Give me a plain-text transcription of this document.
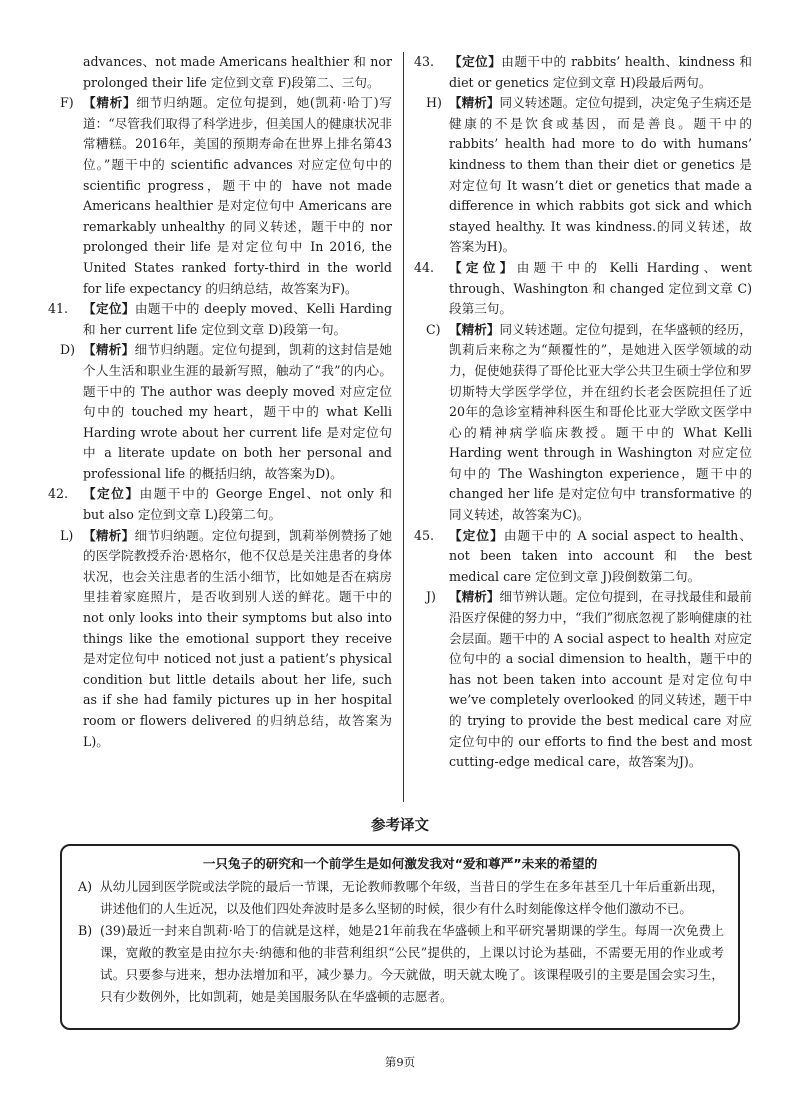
advances、not made Americans healthier 和 nor prolonged their life 定位到文章 F)段第二、三句。
F) 【精析】细节归纳题。定位句提到，她(凯莉·哈丁)写道：“尽管我们取得了科学进步，但美国人的健康状况非常糟糕。2016年，美国的预期寿命在世界上排名第43位。”题干中的 scientific advances 对应定位句中的 scientific progress，题干中的 have not made Americans healthier 是对定位句中 Americans are remarkably unhealthy 的同义转述，题干中的 nor prolonged their life 是对定位句中 In 2016, the United States ranked forty-third in the world for life expectancy 的归纳总结，故答案为F)。
41. 【定位】由题干中的 deeply moved、Kelli Harding 和 her current life 定位到文章 D)段第一句。
D) 【精析】细节归纳题。定位句提到，凯莉的这封信是她个人生活和职业生涯的最新写照，触动了“我”的内心。题干中的 The author was deeply moved 对应定位句中的 touched my heart，题干中的 what Kelli Harding wrote about her current life 是对定位句中 a literate update on both her personal and professional life 的概括归纳，故答案为D)。
42. 【定位】由题干中的 George Engel、not only 和 but also 定位到文章 L)段第二句。
L) 【精析】细节归纳题。定位句提到，凯莉举例赞扬了她的医学院教授乔治·恩格尔，他不仅总是关注患者的身体状况，也会关注患者的生活小细节，比如她是否在病房里挂着家庭照片，是否收到别人送的鲜花。题干中的 not only looks into their symptoms but also into things like the emotional support they receive 是对定位句中 noticed not just a patient’s physical condition but little details about her life, such as if she had family pictures up in her hospital room or flowers delivered 的归纳总结，故答案为L)。
43. 【定位】由题干中的 rabbits’ health、kindness 和 diet or genetics 定位到文章 H)段最后两句。
H) 【精析】同义转述题。定位句提到，决定兔子生病还是健康的不是饮食或基因，而是善良。题干中的 rabbits’ health had more to do with humans’ kindness to them than their diet or genetics 是对定位句 It wasn’t diet or genetics that made a difference in which rabbits got sick and which stayed healthy. It was kindness.的同义转述，故答案为H)。
44. 【定位】由题干中的 Kelli Harding、went through、Washington 和 changed 定位到文章 C)段第三句。
C) 【精析】同义转述题。定位句提到，在华盛顿的经历，凯莉后来称之为“颠覆性的”，是她进入医学领域的动力，促使她获得了哥伦比亚大学公共卫生硕士学位和罗切斯特大学医学学位，并在纽约长老会医院担任了近20年的急诊室精神科医生和哥伦比亚大学欧文医学中心的精神病学临床教授。题干中的 What Kelli Harding went through in Washington 对应定位句中的 The Washington experience，题干中的 changed her life 是对定位句中 transformative 的同义转述，故答案为C)。
45. 【定位】由题干中的 A social aspect to health、not been taken into account 和 the best medical care 定位到文章 J)段倒数第二句。
J) 【精析】细节辨认题。定位句提到，在寻找最佳和最前沿医疗保健的努力中，“我们”彻底忽视了影响健康的社会层面。题干中的 A social aspect to health 对应定位句中的 a social dimension to health，题干中的 has not been taken into account 是对定位句中 we’ve completely overlooked 的同义转述，题干中的 trying to provide the best medical care 对应定位句中的 our efforts to find the best and most cutting-edge medical care，故答案为J)。
参考译文
一只兔子的研究和一个前学生是如何激发我对“爱和尊严”未来的希望的
A) 从幼儿园到医学院或法学院的最后一节课，无论教师教哪个年级，当昔日的学生在多年甚至几十年后重新出现，讲述他们的人生近况，以及他们四处奔波时是多么坚韧的时候，很少有什么时刻能像这样令他们激动不已。
B) (39)最近一封来自凯莉·哈丁的信就是这样，她是21年前我在华盛顿上和平研究暑期课的学生。每周一次免费上课，宽敞的教室是由拉尔夫·纳德和他的非营利组织“公民”提供的，上课以讨论为基础，不需要无用的作业或考试。只要参与进来，想办法增加和平，减少暴力。今天就做，明天就太晚了。该课程吸引的主要是国会实习生，只有少数例外，比如凯莉，她是美国服务队在华盛顿的志愿者。
第9页
